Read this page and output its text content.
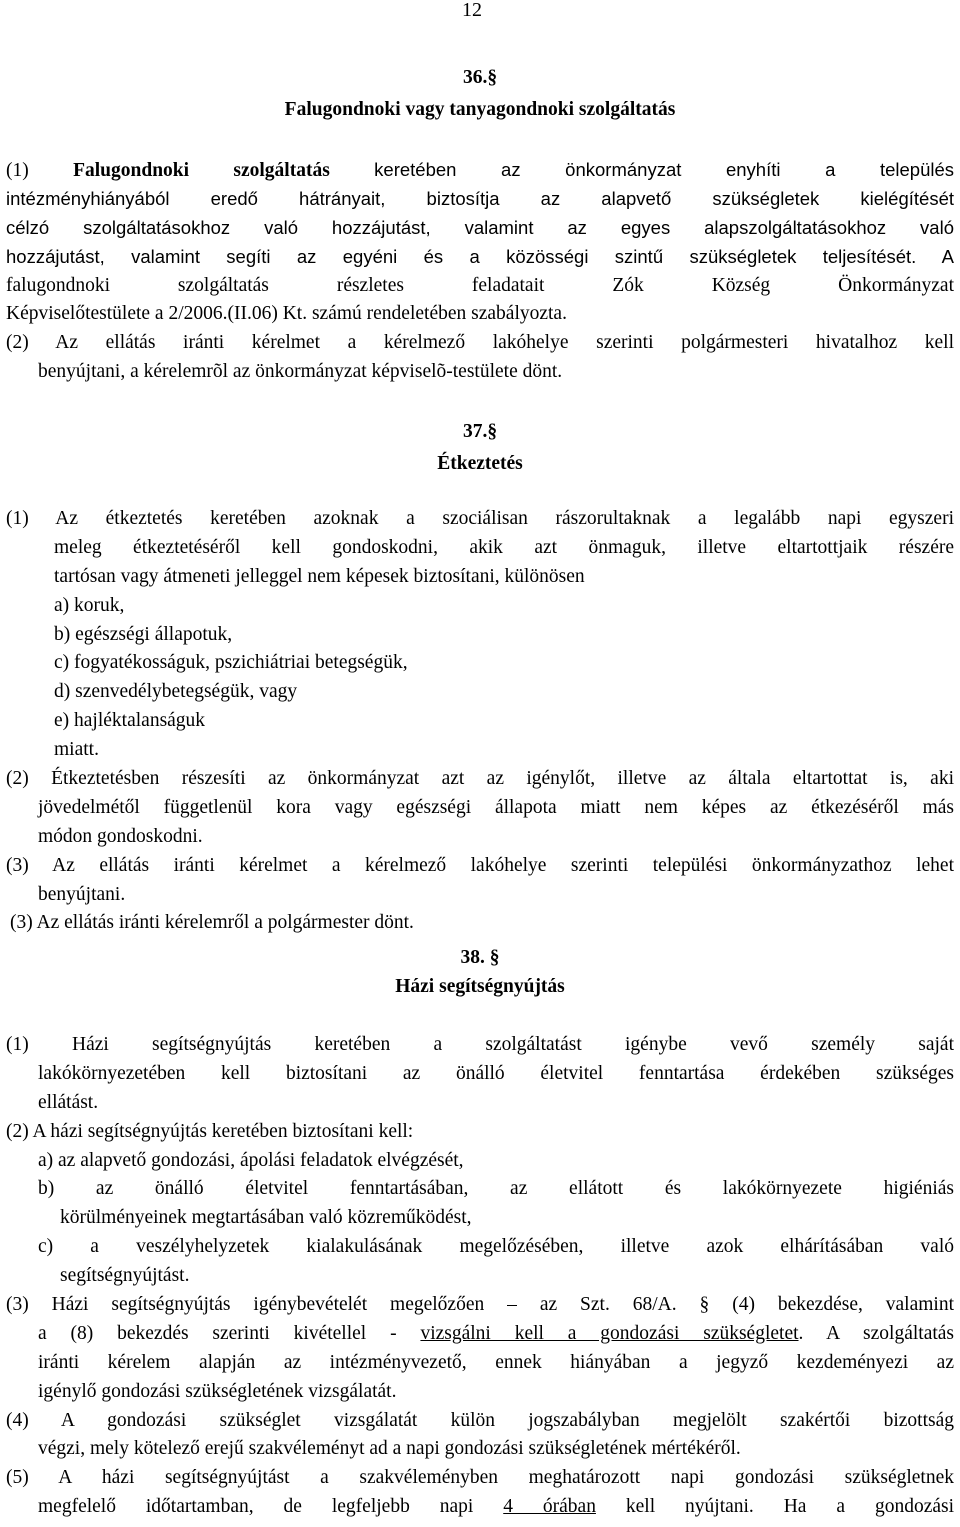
12
36.§
Falugondnoki vagy tanyagondnoki szolgáltatás
(1) Falugondnoki szolgáltatás keretében az önkormányzat enyhíti a település
intézményhiányából eredő hátrányait, biztosítja az alapvető szükségletek kielégítését
célzó szolgáltatásokhoz való hozzájutást, valamint az egyes alapszolgáltatásokhoz való
hozzájutást, valamint segíti az egyéni és a közösségi szintű szükségletek teljesítését. A
falugondnoki szolgáltatás részletes feladatait Zók Község Önkormányzat
Képviselőtestülete a 2/2006.(II.06) Kt. számú rendeletében szabályozta.
(2) Az ellátás iránti kérelmet a kérelmező lakóhelye szerinti polgármesteri hivatalhoz kell
benyújtani, a kérelemrõl az önkormányzat képviselõ-testülete dönt.
37.§
Étkeztetés
(1) Az étkeztetés keretében azoknak a szociálisan rászorultaknak a legalább napi egyszeri
meleg étkeztetéséről kell gondoskodni, akik azt önmaguk, illetve eltartottjaik részére
tartósan vagy átmeneti jelleggel nem képesek biztosítani, különösen
a) koruk,
b) egészségi állapotuk,
c) fogyatékosságuk, pszichiátriai betegségük,
d) szenvedélybetegségük, vagy
e) hajléktalanságuk
miatt.
(2) Étkeztetésben részesíti az önkormányzat azt az igénylőt, illetve az általa eltartottat is, aki
jövedelmétől függetlenül kora vagy egészségi állapota miatt nem képes az étkezéséről más
módon gondoskodni.
(3) Az ellátás iránti kérelmet a kérelmező lakóhelye szerinti települési önkormányzathoz lehet
benyújtani.
(3) Az ellátás iránti kérelemről a polgármester dönt.
38. §
Házi segítségnyújtás
(1) Házi segítségnyújtás keretében a szolgáltatást igénybe vevő személy saját
lakókörnyezetében kell biztosítani az önálló életvitel fenntartása érdekében szükséges
ellátást.
(2) A házi segítségnyújtás keretében biztosítani kell:
a) az alapvető gondozási, ápolási feladatok elvégzését,
b) az önálló életvitel fenntartásában, az ellátott és lakókörnyezete higiéniás
körülményeinek megtartásában való közreműködést,
c) a veszélyhelyzetek kialakulásának megelőzésében, illetve azok elhárításában való
segítségnyújtást.
(3) Házi segítségnyújtás igénybevételét megelőzően – az Szt. 68/A. § (4) bekezdése, valamint
a (8) bekezdés szerinti kivétellel - vizsgálni kell a gondozási szükségletet. A szolgáltatás
iránti kérelem alapján az intézményvezető, ennek hiányában a jegyző kezdeményezi az
igénylő gondozási szükségletének vizsgálatát.
(4) A gondozási szükséglet vizsgálatát külön jogszabályban megjelölt szakértői bizottság
végzi, mely kötelező erejű szakvéleményt ad a napi gondozási szükségletének mértékéről.
(5) A házi segítségnyújtást a szakvéleményben meghatározott napi gondozási szükségletnek
megfelelő időtartamban, de legfeljebb napi 4 órában kell nyújtani. Ha a gondozási
